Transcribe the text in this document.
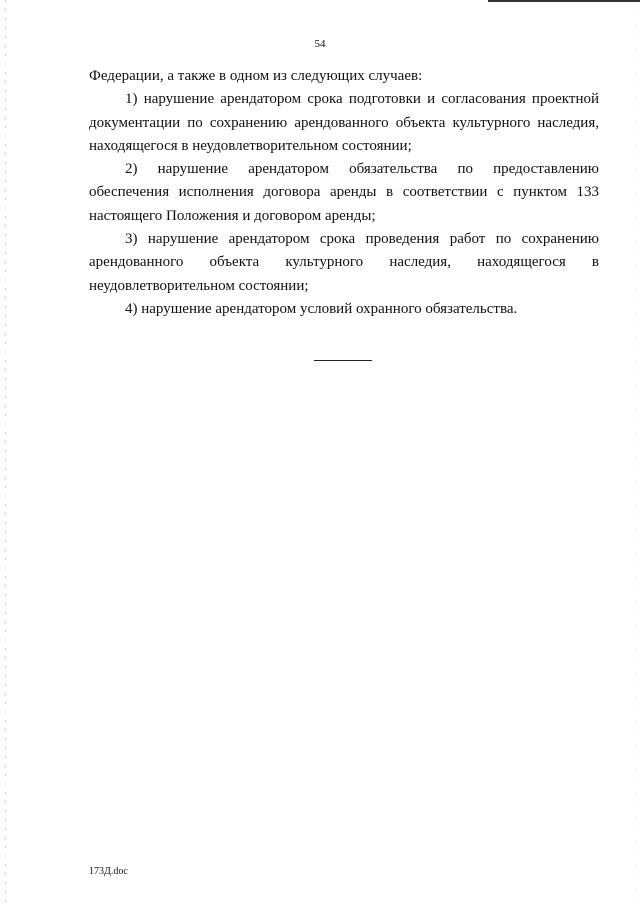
54

Федерации, а также в одном из следующих случаев:

1) нарушение арендатором срока подготовки и согласования проектной документации по сохранению арендованного объекта культурного наследия, находящегося в неудовлетворительном состоянии;

2) нарушение арендатором обязательства по предоставлению обеспечения исполнения договора аренды в соответствии с пунктом 133 настоящего Положения и договором аренды;

3) нарушение арендатором срока проведения работ по сохранению арендованного объекта культурного наследия, находящегося в неудовлетворительном состоянии;

4) нарушение арендатором условий охранного обязательства.

173Д.doc
